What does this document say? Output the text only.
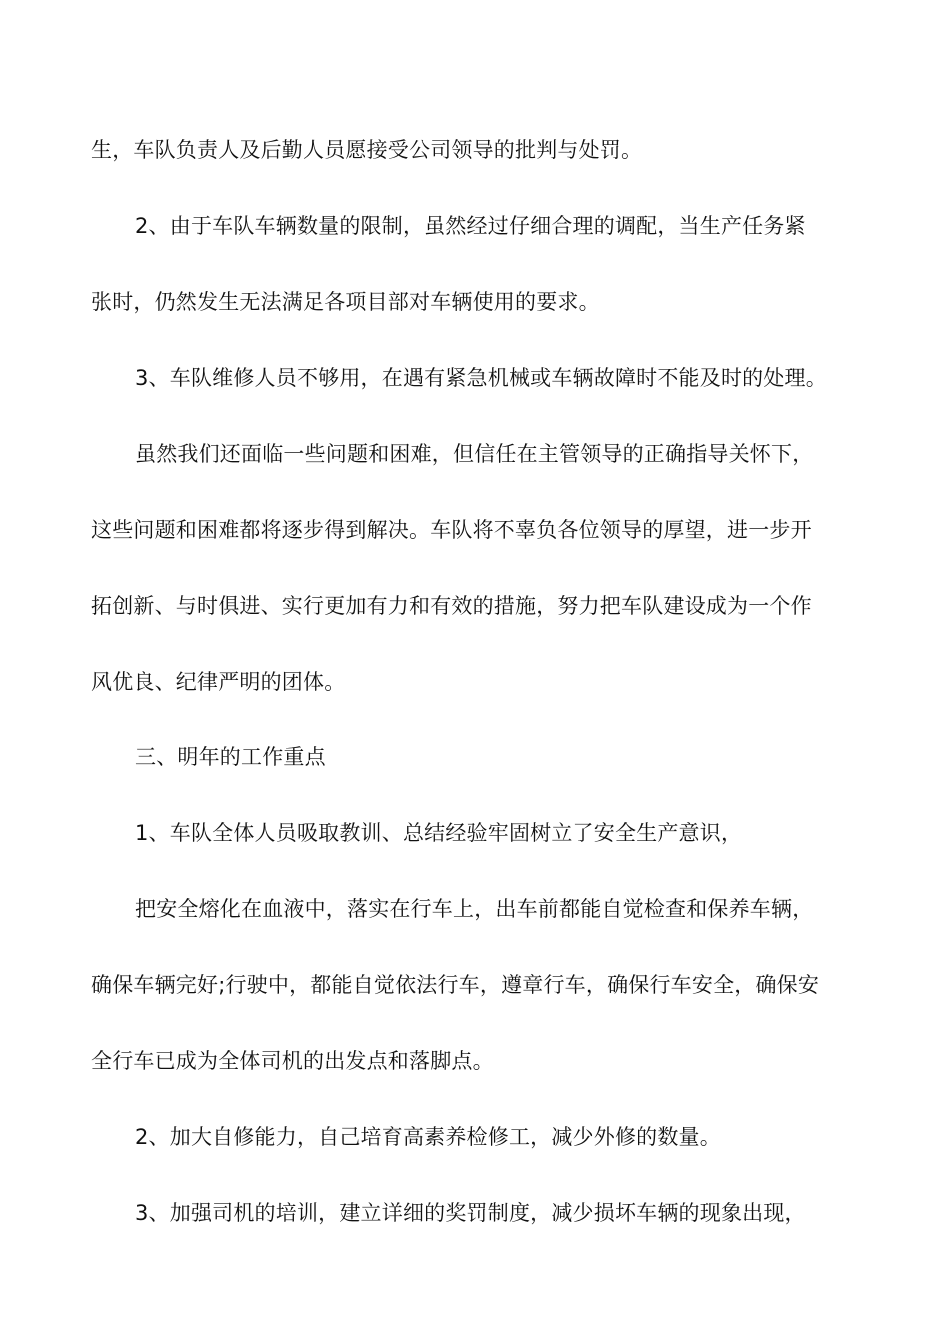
生，车队负责人及后勤人员愿接受公司领导的批判与处罚。
2、由于车队车辆数量的限制，虽然经过仔细合理的调配，当生产任务紧
张时，仍然发生无法满足各项目部对车辆使用的要求。
3、车队维修人员不够用，在遇有紧急机械或车辆故障时不能及时的处理。
虽然我们还面临一些问题和困难，但信任在主管领导的正确指导关怀下，
这些问题和困难都将逐步得到解决。车队将不辜负各位领导的厚望，进一步开
拓创新、与时俱进、实行更加有力和有效的措施，努力把车队建设成为一个作
风优良、纪律严明的团体。
三、明年的工作重点
1、车队全体人员吸取教训、总结经验牢固树立了安全生产意识，
把安全熔化在血液中，落实在行车上，出车前都能自觉检查和保养车辆，
确保车辆完好;行驶中，都能自觉依法行车，遵章行车，确保行车安全，确保安
全行车已成为全体司机的出发点和落脚点。
2、加大自修能力，自己培育高素养检修工，减少外修的数量。
3、加强司机的培训，建立详细的奖罚制度，减少损坏车辆的现象出现，
